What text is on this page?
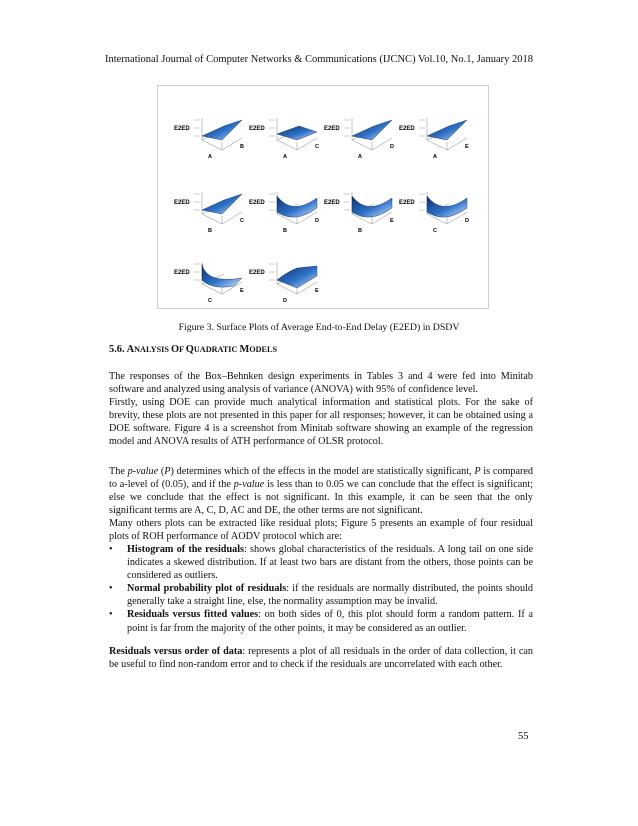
International Journal of Computer Networks & Communications (IJCNC) Vol.10, No.1, January 2018
E2ED
A
B
E2ED
A
C
E2ED
A
D
E2ED
A
E
E2ED
B
C
E2ED
B
D
E2ED
B
E
E2ED
C
D
E2ED
C
E
E2ED
D
E
Figure 3. Surface Plots of Average End-to-End Delay (E2ED) in DSDV
5.6. ANALYSIS OF QUADRATIC MODELS

The responses of the Box–Behnken design experiments in Tables 3 and 4 were fed into Minitab software and analyzed using analysis of variance (ANOVA) with 95% of confidence level.

Firstly, using DOE can provide much analytical information and statistical plots. For the sake of brevity, these plots are not presented in this paper for all responses; however, it can be obtained using a DOE software. Figure 4 is a screenshot from Minitab software showing an example of the regression model and ANOVA results of ATH performance of OLSR protocol.

The p-value (P) determines which of the effects in the model are statistically significant, P is compared to a-level of (0.05), and if the p-value is less than to 0.05 we can conclude that the effect is significant; else we conclude that the effect is not significant. In this example, it can be seen that the only significant terms are A, C, D, AC and DE, the other terms are not significant.

Many others plots can be extracted like residual plots; Figure 5 presents an example of four residual plots of ROH performance of AODV protocol which are:

• Histogram of the residuals: shows global characteristics of the residuals. A long tail on one side indicates a skewed distribution. If at least two bars are distant from the others, those points can be considered as outliers.
• Normal probability plot of residuals: if the residuals are normally distributed, the points should generally take a straight line, else, the normality assumption may be invalid.
• Residuals versus fitted values: on both sides of 0, this plot should form a random pattern. If a point is far from the majority of the other points, it may be considered as an outlier.

Residuals versus order of data: represents a plot of all residuals in the order of data collection, it can be useful to find non-random error and to check if the residuals are uncorrelated with each other.

55
